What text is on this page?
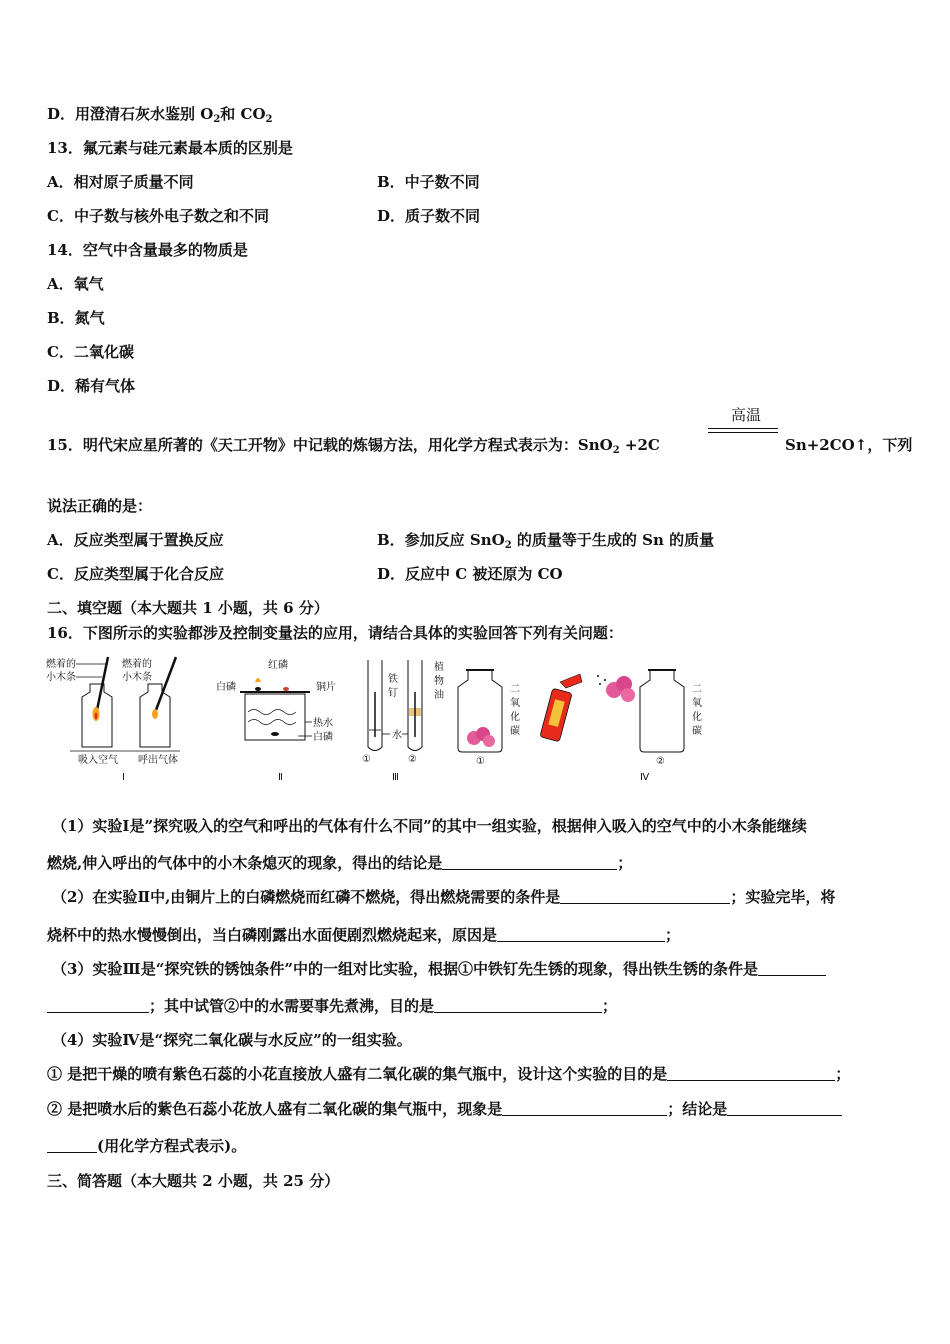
D．用澄清石灰水鉴别 $O_2$和 $CO_2$
13．氟元素与硅元素最本质的区别是
A．相对原子质量不同	B．中子数不同
C．中子数与核外电子数之和不同	D．质子数不同
14．空气中含量最多的物质是
A．氧气
B．氮气
C．二氧化碳
D．稀有气体
高温
15．明代宋应星所著的《天工开物》中记载的炼锡方法，用化学方程式表示为：SnO$_2$ +2C	Sn+2CO↑，下列
说法正确的是：
A．反应类型属于置换反应	B．参加反应 SnO$_2$ 的质量等于生成的 Sn 的质量
C．反应类型属于化合反应	D．反应中 C 被还原为 CO
二、填空题（本大题共 1 小题，共 6 分）
16．下图所示的实验都涉及控制变量法的应用，请结合具体的实验回答下列有关问题：
燃着的
小木条
燃着的
小木条
吸入空气 呼出气体
Ⅰ
红磷
白磷	铜片
热水
白磷
Ⅱ
铁
钉
植
物
油
水
①	②
Ⅲ
二
氧
化
碳
①
二
氧
化
碳
②
Ⅳ
（1）实验Ⅰ是”探究吸入的空气和呼出的气体有什么不同”的其中一组实验，根据伸入吸入的空气中的小木条能继续
燃烧,伸入呼出的气体中的小木条熄灭的现象，得出的结论是	；
（2）在实验Ⅱ中,由铜片上的白磷燃烧而红磷不燃烧，得出燃烧需要的条件是	；实验完毕，将
烧杯中的热水慢慢倒出，当白磷刚露出水面便剧烈燃烧起来，原因是	；
（3）实验Ⅲ是“探究铁的锈蚀条件”中的一组对比实验，根据①中铁钉先生锈的现象，得出铁生锈的条件是
；其中试管②中的水需要事先煮沸，目的是	；
（4）实验Ⅳ是“探究二氧化碳与水反应”的一组实验。
① 是把干燥的喷有紫色石蕊的小花直接放人盛有二氧化碳的集气瓶中，设计这个实验的目的是	；
② 是把喷水后的紫色石蕊小花放人盛有二氧化碳的集气瓶中，现象是	；结论是
(用化学方程式表示)。
三、简答题（本大题共 2 小题，共 25 分）
